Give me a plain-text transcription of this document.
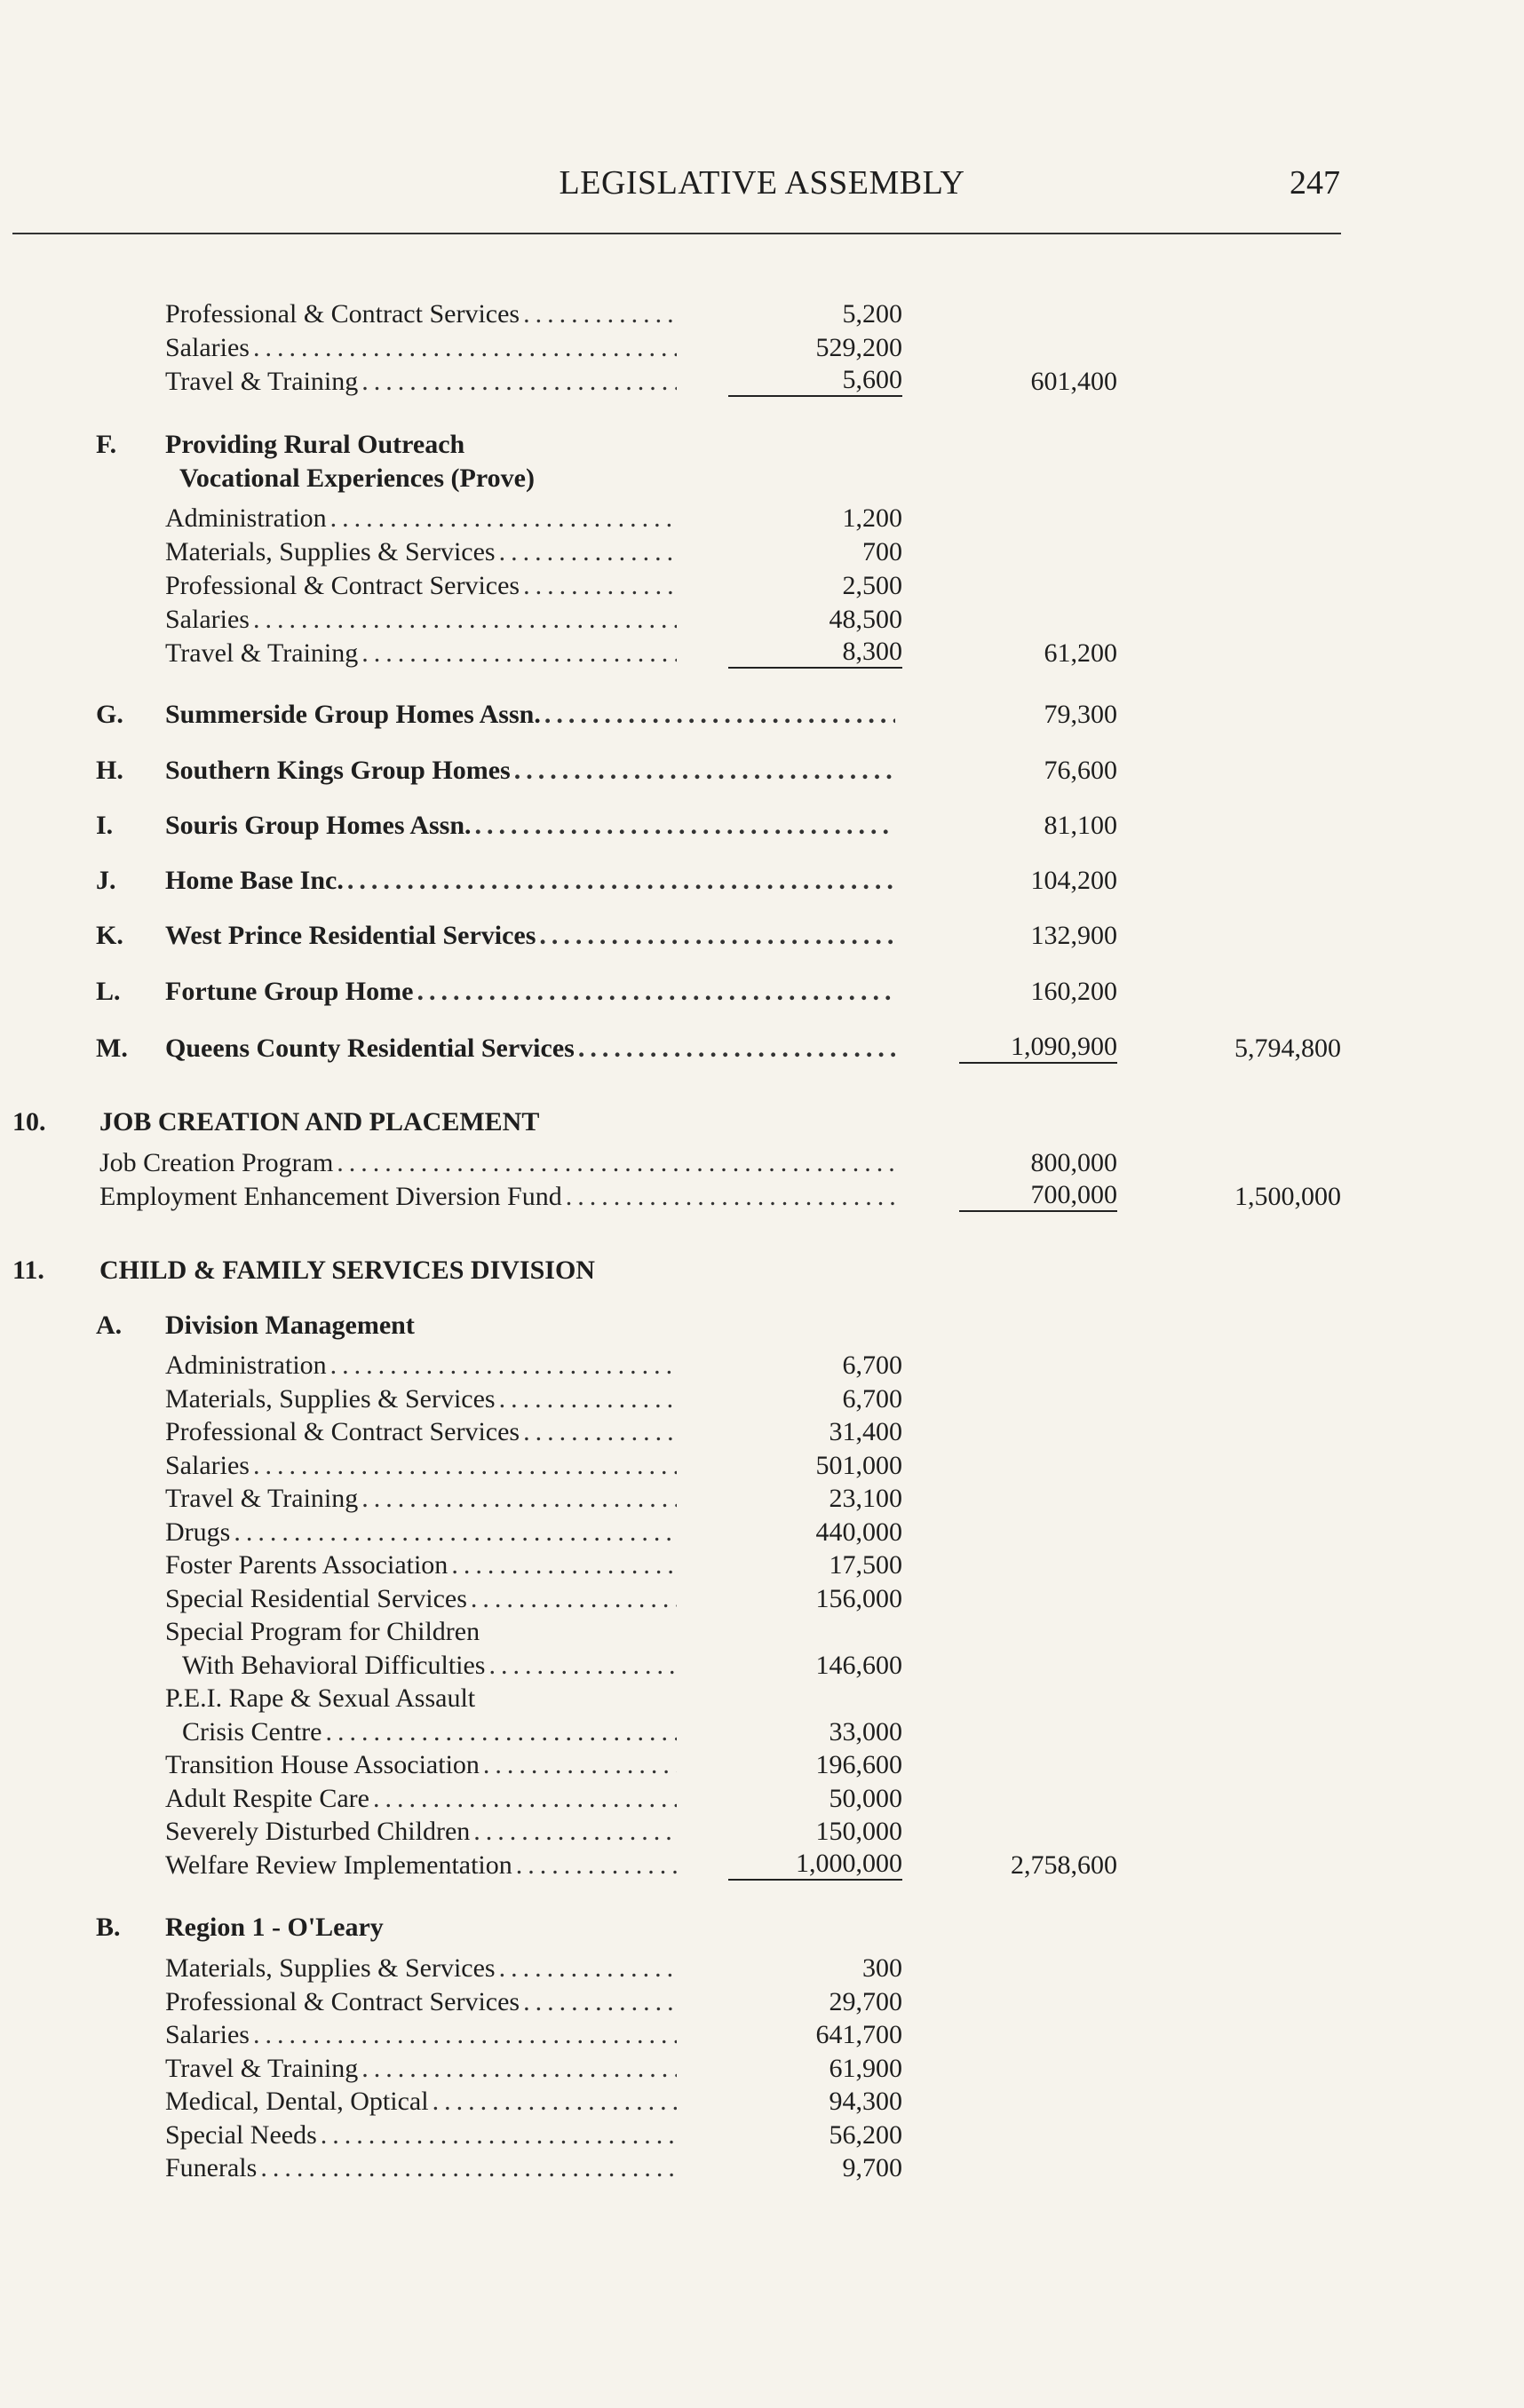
LEGISLATIVE ASSEMBLY	247
Professional & Contract Services .....	5,200
Salaries .....	529,200
Travel & Training .....	5,600	601,400
F.	Providing Rural Outreach
Vocational Experiences (Prove)
Administration .....	1,200
Materials, Supplies & Services .....	700
Professional & Contract Services .....	2,500
Salaries .....	48,500
Travel & Training .....	8,300	61,200
G.	Summerside Group Homes Assn. .....	79,300
H.	Southern Kings Group Homes .....	76,600
I.	Souris Group Homes Assn. .....	81,100
J.	Home Base Inc. .....	104,200
K.	West Prince Residential Services .....	132,900
L.	Fortune Group Home .....	160,200
M.	Queens County Residential Services .....	1,090,900	5,794,800
10.	JOB CREATION AND PLACEMENT
Job Creation Program .....	800,000
Employment Enhancement Diversion Fund .....	700,000	1,500,000
11.	CHILD & FAMILY SERVICES DIVISION
A.	Division Management
Administration .....	6,700
Materials, Supplies & Services .....	6,700
Professional & Contract Services .....	31,400
Salaries .....	501,000
Travel & Training .....	23,100
Drugs .....	440,000
Foster Parents Association .....	17,500
Special Residential Services .....	156,000
Special Program for Children
With Behavioral Difficulties .....	146,600
P.E.I. Rape & Sexual Assault
Crisis Centre .....	33,000
Transition House Association .....	196,600
Adult Respite Care .....	50,000
Severely Disturbed Children .....	150,000
Welfare Review Implementation .....	1,000,000	2,758,600
B.	Region 1 - O'Leary
Materials, Supplies & Services .....	300
Professional & Contract Services .....	29,700
Salaries .....	641,700
Travel & Training .....	61,900
Medical, Dental, Optical .....	94,300
Special Needs .....	56,200
Funerals .....	9,700
